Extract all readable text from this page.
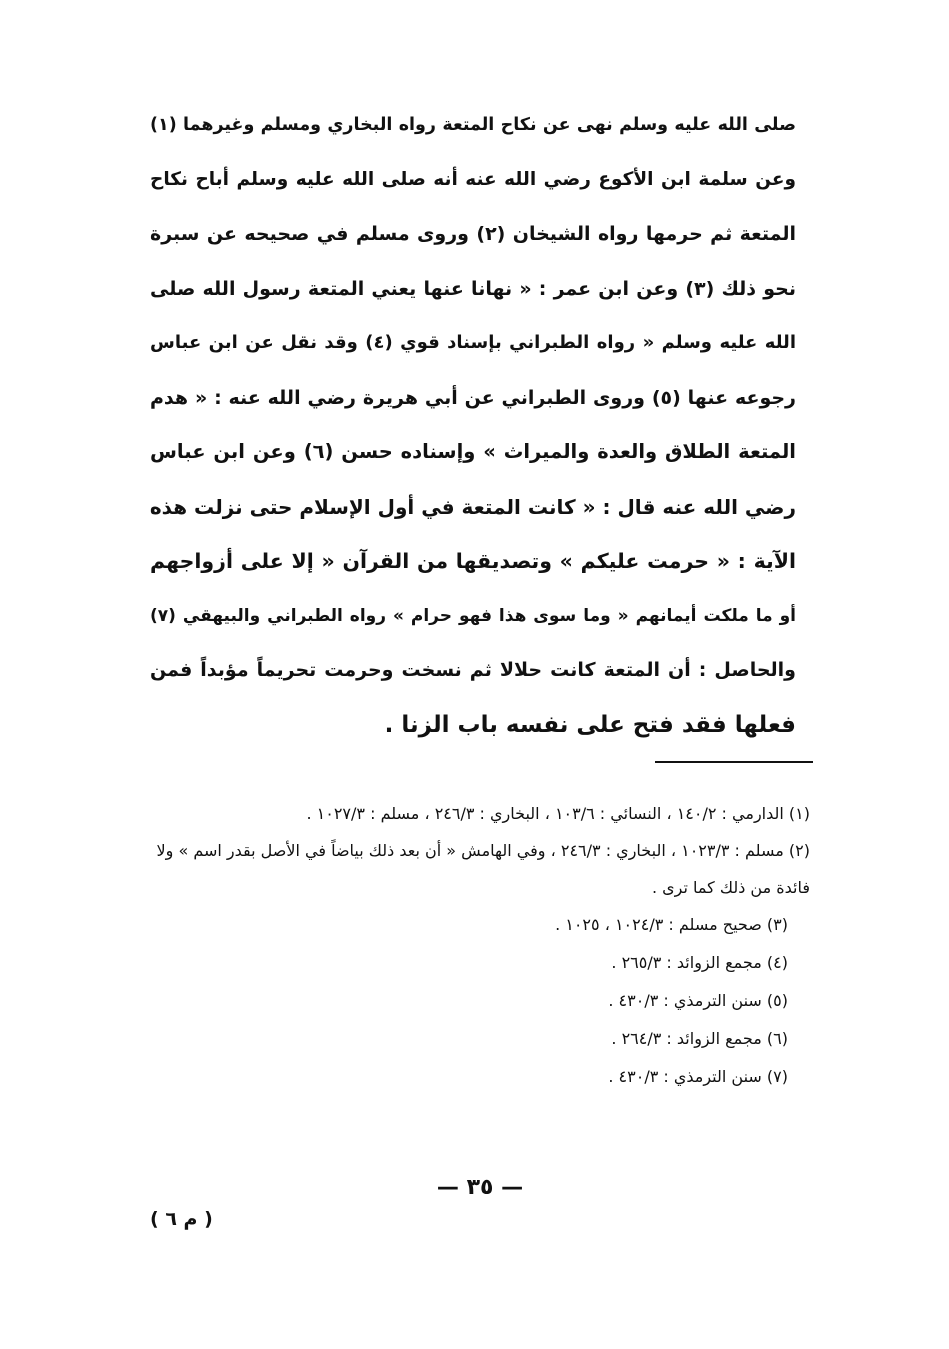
صلى الله عليه وسلم نهى عن نكاح المتعة رواه البخاري ومسلم وغيرهما (١)
وعن سلمة ابن الأكوع رضي الله عنه أنه صلى الله عليه وسلم أباح نكاح
المتعة ثم حرمها رواه الشيخان (٢) وروى مسلم في صحيحه عن سبرة
نحو ذلك (٣) وعن ابن عمر : « نهانا عنها يعني المتعة رسول الله صلى
الله عليه وسلم « رواه الطبراني بإسناد قوي (٤) وقد نقل عن ابن عباس
رجوعه عنها (٥) وروى الطبراني عن أبي هريرة رضي الله عنه : « هدم
المتعة الطلاق والعدة والميراث » وإسناده حسن (٦) وعن ابن عباس
رضي الله عنه قال : « كانت المتعة في أول الإسلام حتى نزلت هذه
الآية : « حرمت عليكم » وتصديقها من القرآن « إلا على أزواجهم
أو ما ملكت أيمانهم « وما سوى هذا فهو حرام » رواه الطبراني والبيهقي (٧)
والحاصل : أن المتعة كانت حلالا ثم نسخت وحرمت تحريماً مؤبداً فمن
فعلها فقد فتح على نفسه باب الزنا .
(١) الدارمي : ١٤٠/٢ ، النسائي : ١٠٣/٦ ، البخاري : ٢٤٦/٣ ، مسلم : ١٠٢٧/٣ .
(٢) مسلم : ١٠٢٣/٣ ، البخاري : ٢٤٦/٣ ، وفي الهامش « أن بعد ذلك بياضاً في الأصل بقدر اسم » ولا فائدة من ذلك كما ترى .
(٣) صحيح مسلم : ١٠٢٤/٣ ، ١٠٢٥ .
(٤) مجمع الزوائد : ٢٦٥/٣ .
(٥) سنن الترمذي : ٤٣٠/٣ .
(٦) مجمع الزوائد : ٢٦٤/٣ .
(٧) سنن الترمذي : ٤٣٠/٣ .
— ٣٥ —
( م ٦ )
